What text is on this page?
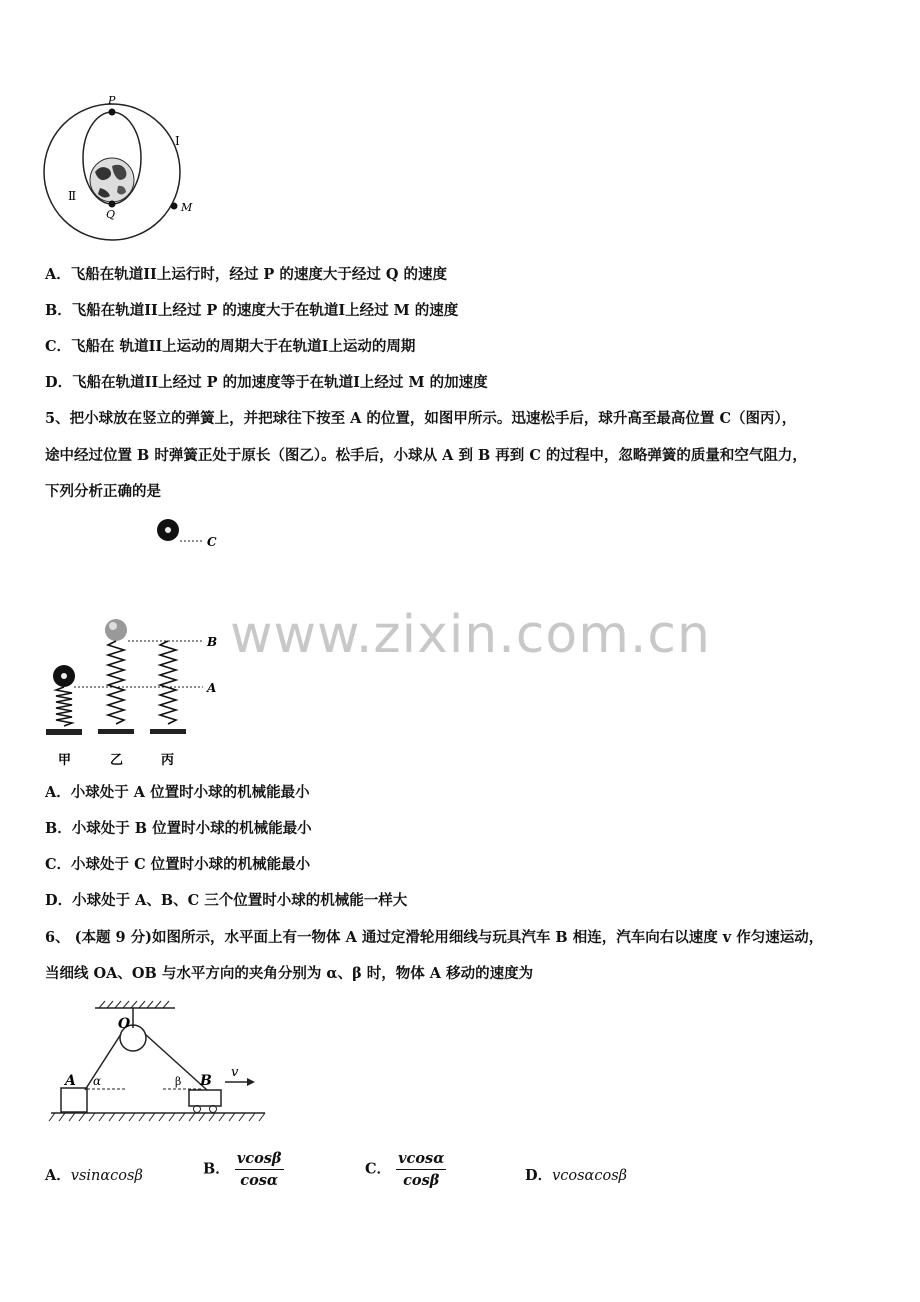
P
Q
M
Ⅰ
Ⅱ
A．飞船在轨道II上运行时，经过 P 的速度大于经过 Q 的速度
B．飞船在轨道II上经过 P 的速度大于在轨道I上经过 M 的速度
C．飞船在 轨道II上运动的周期大于在轨道I上运动的周期
D．飞船在轨道II上经过 P 的加速度等于在轨道I上经过 M 的加速度
5、把小球放在竖立的弹簧上，并把球往下按至 A 的位置，如图甲所示。迅速松手后，球升高至最高位置 C（图丙），
途中经过位置 B 时弹簧正处于原长（图乙）。松手后，小球从 A 到 B 再到 C 的过程中，忽略弹簧的质量和空气阻力，
下列分析正确的是
C
B
A
甲	乙	丙
www.zixin.com.cn
A．小球处于 A 位置时小球的机械能最小
B．小球处于 B 位置时小球的机械能最小
C．小球处于 C 位置时小球的机械能最小
D．小球处于 A、B、C 三个位置时小球的机械能一样大
6、 (本题 9 分)如图所示，水平面上有一物体 A 通过定滑轮用细线与玩具汽车 B 相连，汽车向右以速度 v 作匀速运动，
当细线 OA、OB 与水平方向的夹角分别为 α、β 时，物体 A 移动的速度为
O
A α	β B
v
A．vsinαcosβ	B． $\frac{vcos\beta}{\cos\alpha}$	C． $\frac{vcos\alpha}{\cos\beta}$	D．vcosαcosβ
